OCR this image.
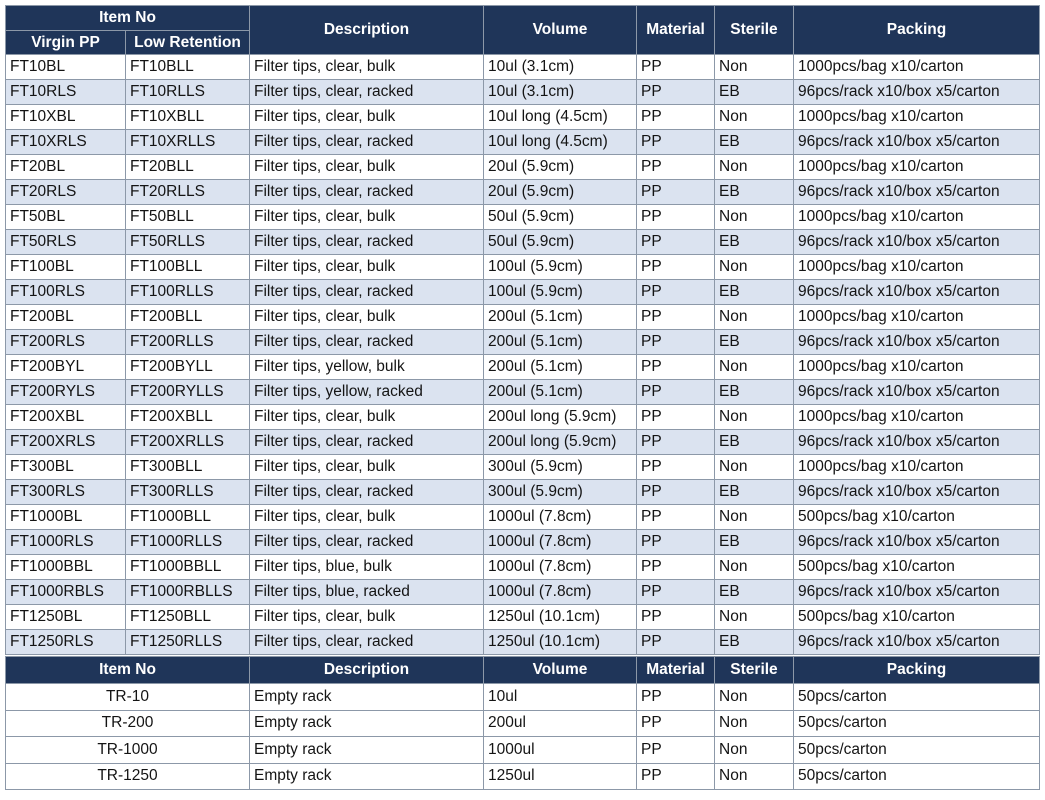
Item No		Description	Volume	Material	Sterile	Packing
Virgin PP	Low Retention					
FT10BL	FT10BLL	Filter tips, clear, bulk	10ul (3.1cm)	PP	Non	1000pcs/bag x10/carton
FT10RLS	FT10RLLS	Filter tips, clear, racked	10ul (3.1cm)	PP	EB	96pcs/rack x10/box x5/carton
FT10XBL	FT10XBLL	Filter tips, clear, bulk	10ul long (4.5cm)	PP	Non	1000pcs/bag x10/carton
FT10XRLS	FT10XRLLS	Filter tips, clear, racked	10ul long (4.5cm)	PP	EB	96pcs/rack x10/box x5/carton
FT20BL	FT20BLL	Filter tips, clear, bulk	20ul (5.9cm)	PP	Non	1000pcs/bag x10/carton
FT20RLS	FT20RLLS	Filter tips, clear, racked	20ul (5.9cm)	PP	EB	96pcs/rack x10/box x5/carton
FT50BL	FT50BLL	Filter tips, clear, bulk	50ul (5.9cm)	PP	Non	1000pcs/bag x10/carton
FT50RLS	FT50RLLS	Filter tips, clear, racked	50ul (5.9cm)	PP	EB	96pcs/rack x10/box x5/carton
FT100BL	FT100BLL	Filter tips, clear, bulk	100ul (5.9cm)	PP	Non	1000pcs/bag x10/carton
FT100RLS	FT100RLLS	Filter tips, clear, racked	100ul (5.9cm)	PP	EB	96pcs/rack x10/box x5/carton
FT200BL	FT200BLL	Filter tips, clear, bulk	200ul (5.1cm)	PP	Non	1000pcs/bag x10/carton
FT200RLS	FT200RLLS	Filter tips, clear, racked	200ul (5.1cm)	PP	EB	96pcs/rack x10/box x5/carton
FT200BYL	FT200BYLL	Filter tips, yellow, bulk	200ul (5.1cm)	PP	Non	1000pcs/bag x10/carton
FT200RYLS	FT200RYLLS	Filter tips, yellow, racked	200ul (5.1cm)	PP	EB	96pcs/rack x10/box x5/carton
FT200XBL	FT200XBLL	Filter tips, clear, bulk	200ul long (5.9cm)	PP	Non	1000pcs/bag x10/carton
FT200XRLS	FT200XRLLS	Filter tips, clear, racked	200ul long (5.9cm)	PP	EB	96pcs/rack x10/box x5/carton
FT300BL	FT300BLL	Filter tips, clear, bulk	300ul (5.9cm)	PP	Non	1000pcs/bag x10/carton
FT300RLS	FT300RLLS	Filter tips, clear, racked	300ul (5.9cm)	PP	EB	96pcs/rack x10/box x5/carton
FT1000BL	FT1000BLL	Filter tips, clear, bulk	1000ul (7.8cm)	PP	Non	500pcs/bag x10/carton
FT1000RLS	FT1000RLLS	Filter tips, clear, racked	1000ul (7.8cm)	PP	EB	96pcs/rack x10/box x5/carton
FT1000BBL	FT1000BBLL	Filter tips, blue, bulk	1000ul (7.8cm)	PP	Non	500pcs/bag x10/carton
FT1000RBLS	FT1000RBLLS	Filter tips, blue, racked	1000ul (7.8cm)	PP	EB	96pcs/rack x10/box x5/carton
FT1250BL	FT1250BLL	Filter tips, clear, bulk	1250ul (10.1cm)	PP	Non	500pcs/bag x10/carton
FT1250RLS	FT1250RLLS	Filter tips, clear, racked	1250ul (10.1cm)	PP	EB	96pcs/rack x10/box x5/carton
Item No	Description	Volume	Material	Sterile	Packing
TR-10	Empty rack	10ul	PP	Non	50pcs/carton
TR-200	Empty rack	200ul	PP	Non	50pcs/carton
TR-1000	Empty rack	1000ul	PP	Non	50pcs/carton
TR-1250	Empty rack	1250ul	PP	Non	50pcs/carton
